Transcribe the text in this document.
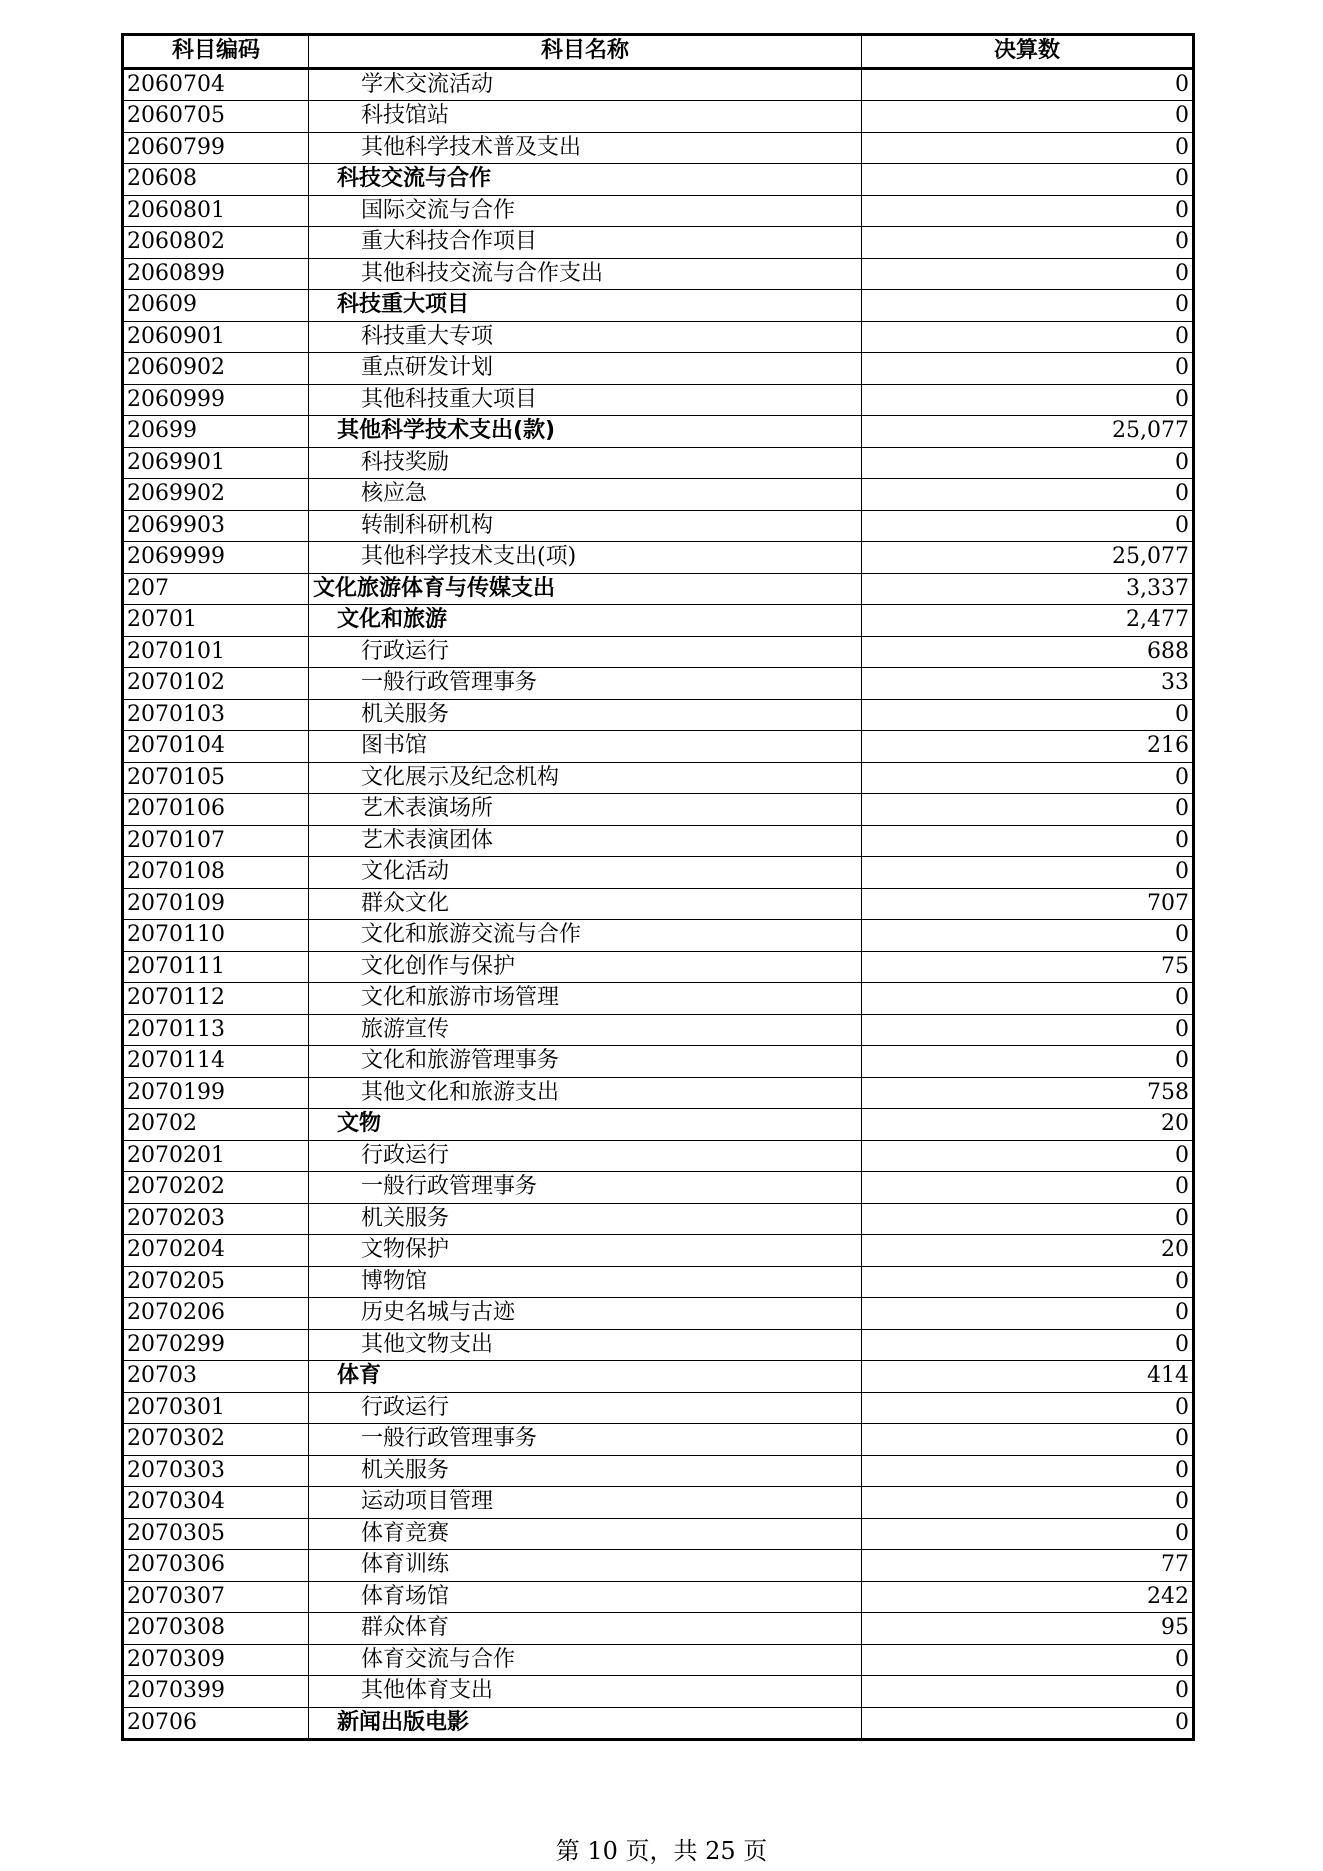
科目编码	科目名称	决算数
2060704	学术交流活动	0
2060705	科技馆站	0
2060799	其他科学技术普及支出	0
20608	科技交流与合作	0
2060801	国际交流与合作	0
2060802	重大科技合作项目	0
2060899	其他科技交流与合作支出	0
20609	科技重大项目	0
2060901	科技重大专项	0
2060902	重点研发计划	0
2060999	其他科技重大项目	0
20699	其他科学技术支出(款)	25,077
2069901	科技奖励	0
2069902	核应急	0
2069903	转制科研机构	0
2069999	其他科学技术支出(项)	25,077
207	文化旅游体育与传媒支出	3,337
20701	文化和旅游	2,477
2070101	行政运行	688
2070102	一般行政管理事务	33
2070103	机关服务	0
2070104	图书馆	216
2070105	文化展示及纪念机构	0
2070106	艺术表演场所	0
2070107	艺术表演团体	0
2070108	文化活动	0
2070109	群众文化	707
2070110	文化和旅游交流与合作	0
2070111	文化创作与保护	75
2070112	文化和旅游市场管理	0
2070113	旅游宣传	0
2070114	文化和旅游管理事务	0
2070199	其他文化和旅游支出	758
20702	文物	20
2070201	行政运行	0
2070202	一般行政管理事务	0
2070203	机关服务	0
2070204	文物保护	20
2070205	博物馆	0
2070206	历史名城与古迹	0
2070299	其他文物支出	0
20703	体育	414
2070301	行政运行	0
2070302	一般行政管理事务	0
2070303	机关服务	0
2070304	运动项目管理	0
2070305	体育竞赛	0
2070306	体育训练	77
2070307	体育场馆	242
2070308	群众体育	95
2070309	体育交流与合作	0
2070399	其他体育支出	0
20706	新闻出版电影	0
第 10 页，共 25 页
